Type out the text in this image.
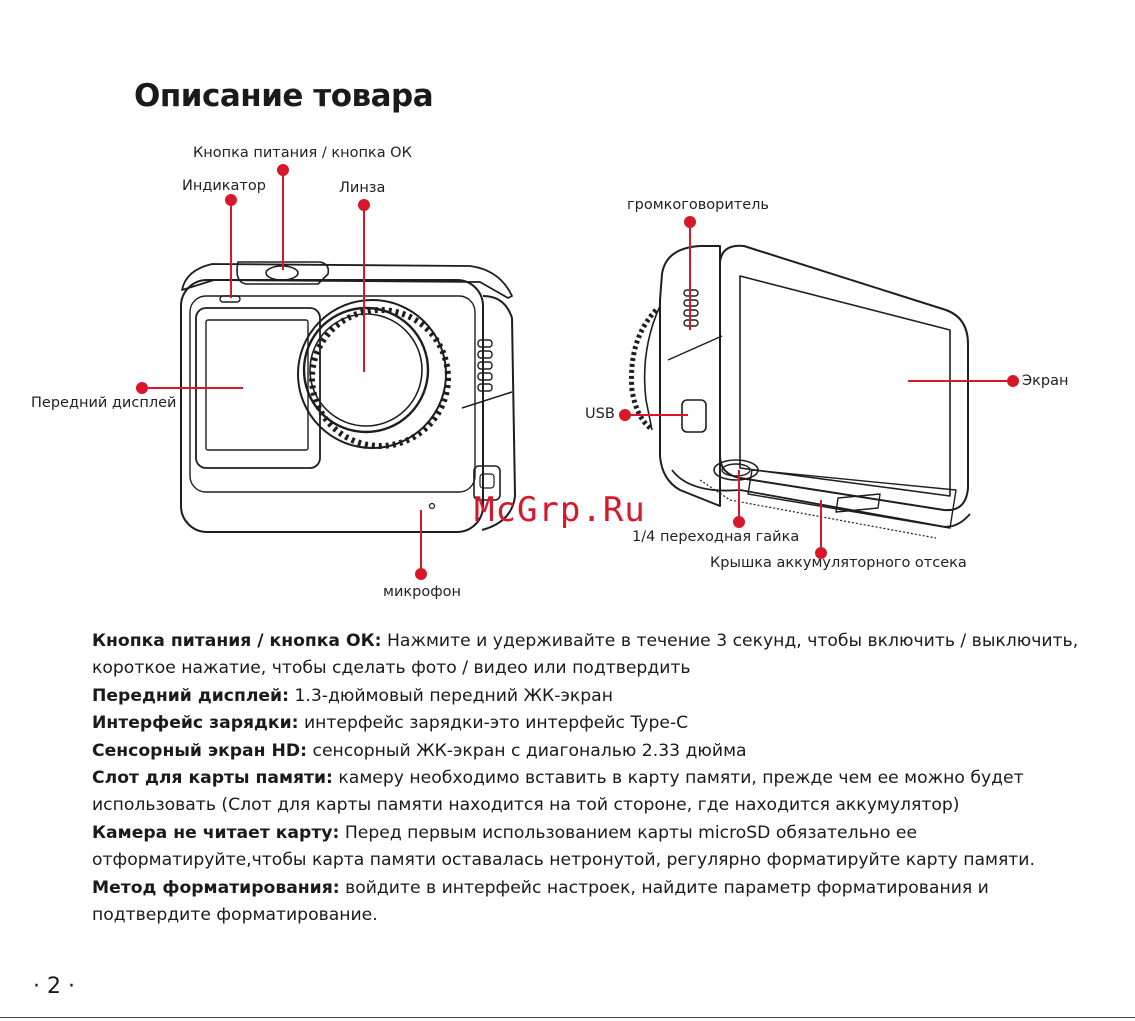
Описание товара
Кнопка питания / кнопка ОК
Индикатор	Линза
Передний дисплей
микрофон
громкоговоритель
USB
Экран
1/4 переходная гайка
Крышка аккумуляторного отсека
McGrp.Ru

Кнопка питания / кнопка ОК: Нажмите и удерживайте в течение 3 секунд, чтобы включить / выключить, короткое нажатие, чтобы сделать фото / видео или подтвердить

Передний дисплей: 1.3-дюймовый передний ЖК-экран

Интерфейс зарядки: интерфейс зарядки-это интерфейс Type-C

Сенсорный экран HD: сенсорный ЖК-экран с диагональю 2.33 дюйма

Слот для карты памяти: камеру необходимо вставить в карту памяти, прежде чем ее можно будет использовать (Слот для карты памяти находится на той стороне, где находится аккумулятор)

Камера не читает карту: Перед первым использованием карты microSD обязательно ее отформатируйте,чтобы карта памяти оставалась нетронутой, регулярно форматируйте карту памяти.

Метод форматирования: войдите в интерфейс настроек, найдите параметр форматирования и подтвердите форматирование.

· 2 ·
